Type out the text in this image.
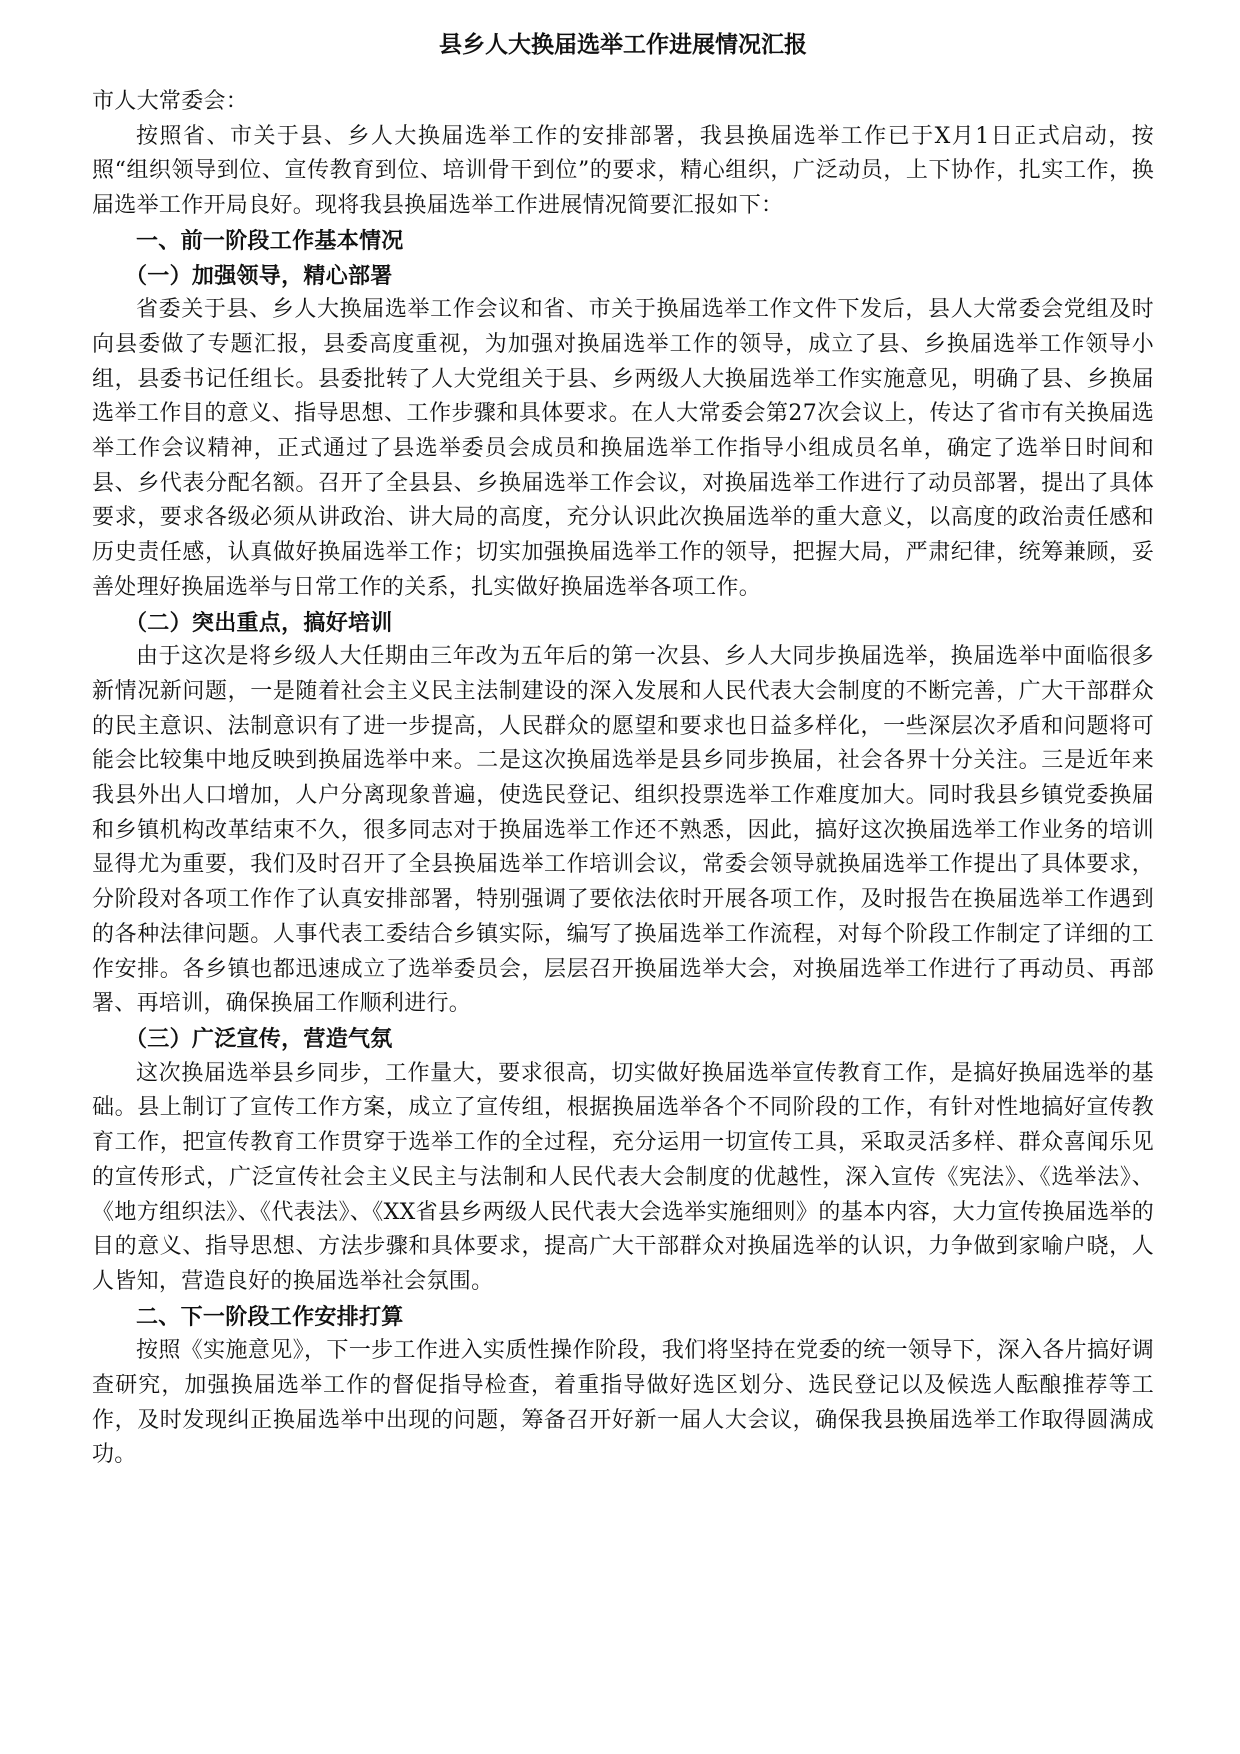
县乡人大换届选举工作进展情况汇报

市人大常委会：

按照省、市关于县、乡人大换届选举工作的安排部署，我县换届选举工作已于X月1日正式启动，按照“组织领导到位、宣传教育到位、培训骨干到位”的要求，精心组织，广泛动员，上下协作，扎实工作，换届选举工作开局良好。现将我县换届选举工作进展情况简要汇报如下：

一、前一阶段工作基本情况

（一）加强领导，精心部署

省委关于县、乡人大换届选举工作会议和省、市关于换届选举工作文件下发后，县人大常委会党组及时向县委做了专题汇报，县委高度重视，为加强对换届选举工作的领导，成立了县、乡换届选举工作领导小组，县委书记任组长。县委批转了人大党组关于县、乡两级人大换届选举工作实施意见，明确了县、乡换届选举工作目的意义、指导思想、工作步骤和具体要求。在人大常委会第27次会议上，传达了省市有关换届选举工作会议精神，正式通过了县选举委员会成员和换届选举工作指导小组成员名单，确定了选举日时间和县、乡代表分配名额。召开了全县县、乡换届选举工作会议，对换届选举工作进行了动员部署，提出了具体要求，要求各级必须从讲政治、讲大局的高度，充分认识此次换届选举的重大意义，以高度的政治责任感和历史责任感，认真做好换届选举工作；切实加强换届选举工作的领导，把握大局，严肃纪律，统筹兼顾，妥善处理好换届选举与日常工作的关系，扎实做好换届选举各项工作。

（二）突出重点，搞好培训

由于这次是将乡级人大任期由三年改为五年后的第一次县、乡人大同步换届选举，换届选举中面临很多新情况新问题，一是随着社会主义民主法制建设的深入发展和人民代表大会制度的不断完善，广大干部群众的民主意识、法制意识有了进一步提高，人民群众的愿望和要求也日益多样化，一些深层次矛盾和问题将可能会比较集中地反映到换届选举中来。二是这次换届选举是县乡同步换届，社会各界十分关注。三是近年来我县外出人口增加，人户分离现象普遍，使选民登记、组织投票选举工作难度加大。同时我县乡镇党委换届和乡镇机构改革结束不久，很多同志对于换届选举工作还不熟悉，因此，搞好这次换届选举工作业务的培训显得尤为重要，我们及时召开了全县换届选举工作培训会议，常委会领导就换届选举工作提出了具体要求，分阶段对各项工作作了认真安排部署，特别强调了要依法依时开展各项工作，及时报告在换届选举工作遇到的各种法律问题。人事代表工委结合乡镇实际，编写了换届选举工作流程，对每个阶段工作制定了详细的工作安排。各乡镇也都迅速成立了选举委员会，层层召开换届选举大会，对换届选举工作进行了再动员、再部署、再培训，确保换届工作顺利进行。

（三）广泛宣传，营造气氛

这次换届选举县乡同步，工作量大，要求很高，切实做好换届选举宣传教育工作，是搞好换届选举的基础。县上制订了宣传工作方案，成立了宣传组，根据换届选举各个不同阶段的工作，有针对性地搞好宣传教育工作，把宣传教育工作贯穿于选举工作的全过程，充分运用一切宣传工具，采取灵活多样、群众喜闻乐见的宣传形式，广泛宣传社会主义民主与法制和人民代表大会制度的优越性，深入宣传《宪法》、《选举法》、《地方组织法》、《代表法》、《XX省县乡两级人民代表大会选举实施细则》的基本内容，大力宣传换届选举的目的意义、指导思想、方法步骤和具体要求，提高广大干部群众对换届选举的认识，力争做到家喻户晓，人人皆知，营造良好的换届选举社会氛围。

二、下一阶段工作安排打算

按照《实施意见》，下一步工作进入实质性操作阶段，我们将坚持在党委的统一领导下，深入各片搞好调查研究，加强换届选举工作的督促指导检查，着重指导做好选区划分、选民登记以及候选人酝酿推荐等工作，及时发现纠正换届选举中出现的问题，筹备召开好新一届人大会议，确保我县换届选举工作取得圆满成功。
